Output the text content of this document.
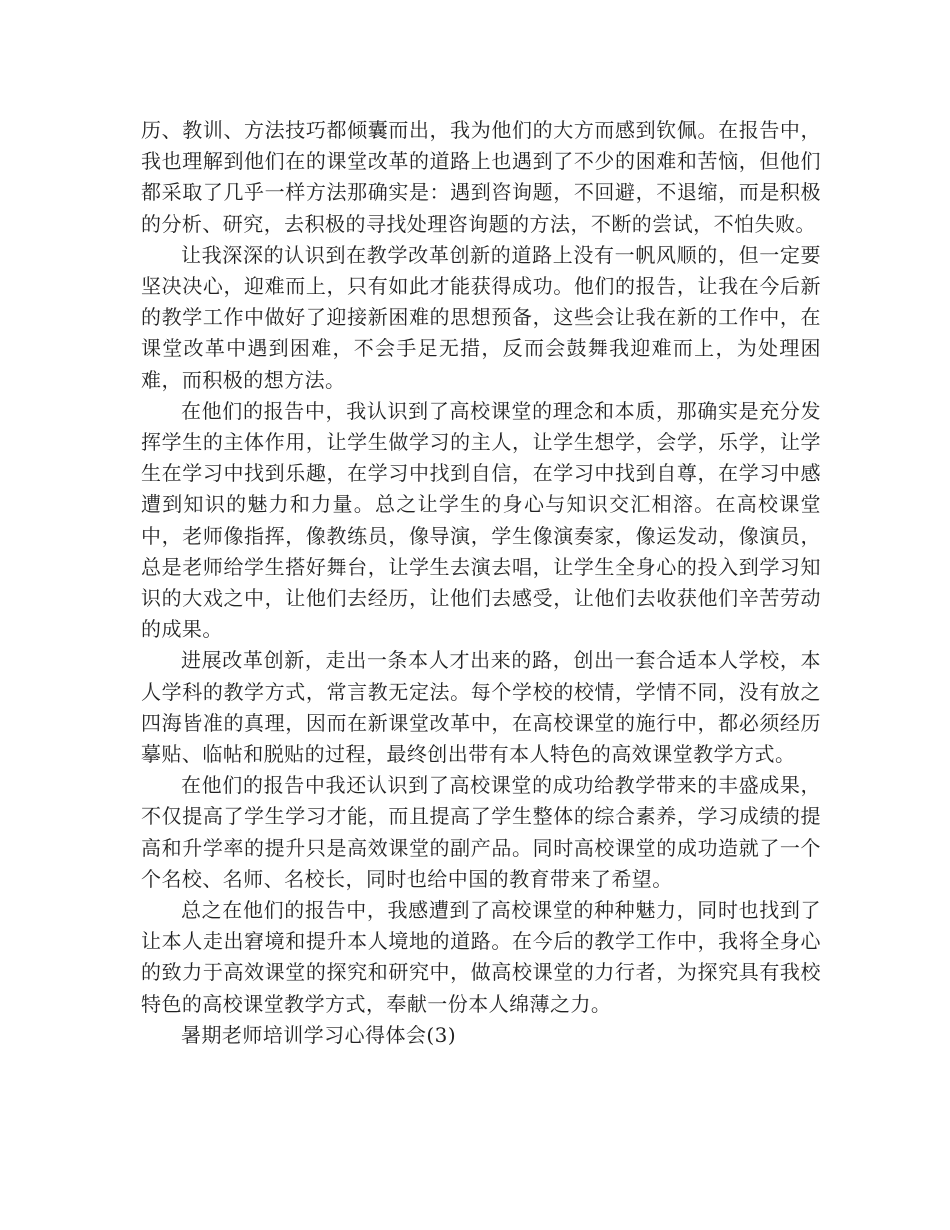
历、教训、方法技巧都倾囊而出，我为他们的大方而感到钦佩。在报告中，我也理解到他们在的课堂改革的道路上也遇到了不少的困难和苦恼，但他们都采取了几乎一样方法那确实是：遇到咨询题，不回避，不退缩，而是积极的分析、研究，去积极的寻找处理咨询题的方法，不断的尝试，不怕失败。

让我深深的认识到在教学改革创新的道路上没有一帆风顺的，但一定要坚决决心，迎难而上，只有如此才能获得成功。他们的报告，让我在今后新的教学工作中做好了迎接新困难的思想预备，这些会让我在新的工作中，在课堂改革中遇到困难，不会手足无措，反而会鼓舞我迎难而上，为处理困难，而积极的想方法。

在他们的报告中，我认识到了高校课堂的理念和本质，那确实是充分发挥学生的主体作用，让学生做学习的主人，让学生想学，会学，乐学，让学生在学习中找到乐趣，在学习中找到自信，在学习中找到自尊，在学习中感遭到知识的魅力和力量。总之让学生的身心与知识交汇相溶。在高校课堂中，老师像指挥，像教练员，像导演，学生像演奏家，像运发动，像演员，总是老师给学生搭好舞台，让学生去演去唱，让学生全身心的投入到学习知识的大戏之中，让他们去经历，让他们去感受，让他们去收获他们辛苦劳动的成果。

进展改革创新，走出一条本人才出来的路，创出一套合适本人学校，本人学科的教学方式，常言教无定法。每个学校的校情，学情不同，没有放之四海皆准的真理，因而在新课堂改革中，在高校课堂的施行中，都必须经历摹贴、临帖和脱贴的过程，最终创出带有本人特色的高效课堂教学方式。

在他们的报告中我还认识到了高校课堂的成功给教学带来的丰盛成果，不仅提高了学生学习才能，而且提高了学生整体的综合素养，学习成绩的提高和升学率的提升只是高效课堂的副产品。同时高校课堂的成功造就了一个个名校、名师、名校长，同时也给中国的教育带来了希望。

总之在他们的报告中，我感遭到了高校课堂的种种魅力，同时也找到了让本人走出窘境和提升本人境地的道路。在今后的教学工作中，我将全身心的致力于高效课堂的探究和研究中，做高校课堂的力行者，为探究具有我校特色的高校课堂教学方式，奉献一份本人绵薄之力。

暑期老师培训学习心得体会(3)
